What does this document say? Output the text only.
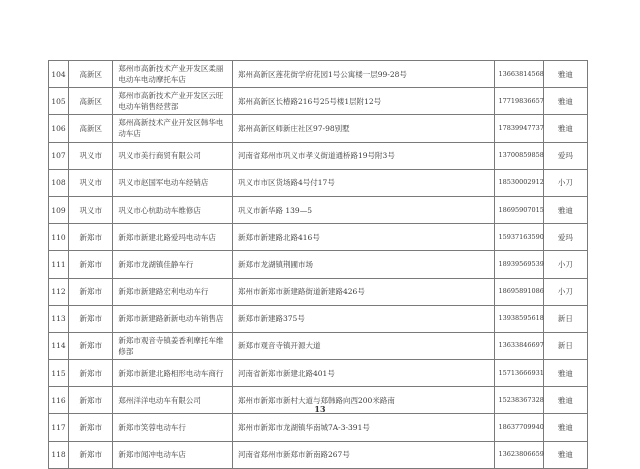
104	高新区	郑州市高新技术产业开发区柔丽电动车电动摩托车店	郑州高新区莲花街学府花园1号公寓楼一层99-28号	13663814568	雅迪
105	高新区	郑州市高新技术产业开发区云旺电动车销售经营部	郑州高新区长椿路216号25号楼1层附12号	17719836657	雅迪
106	高新区	郑州高新技术产业开发区韩华电动车店	郑州高新区师新庄社区97-98别墅	17839947737	雅迪
107	巩义市	巩义市美行商贸有限公司	河南省郑州市巩义市孝义街道通桥路19号附3号	13700859858	爱玛
108	巩义市	巩义市赵国军电动车经销店	巩义市市区货场路4号付17号	18530002912	小刀
109	巩义市	巩义市心杭助动车维修店	巩义市新华路 139—5	18695907015	雅迪
110	新郑市	新郑市新建北路爱玛电动车店	新郑市新建路北路416号	15937163590	爱玛
111	新郑市	新郑市龙湖镇佳静车行	新郑市龙湖镇荆圃市场	18939569539	小刀
112	新郑市	新郑市新建路宏利电动车行	郑州市新郑市新建路街道新建路426号	18695891086	小刀
113	新郑市	新郑市新建路新新电动车销售店	新郑市新建路375号	13938595618	新日
114	新郑市	新郑市观音寺镇姜香利摩托车维修部	新郑市观音寺镇开源大道	13633846697	新日
115	新郑市	新郑市新建北路相形电动车商行	河南省新郑市新建北路401号	15713666931	雅迪
116	新郑市	郑州洋洋电动车有限公司	郑州市新郑市新村大道与郑韩路向西200米路南	15238367328	雅迪
117	新郑市	新郑市笑蓉电动车行	郑州市新郑市龙湖镇华南城7A-3-391号	18637709940	雅迪
118	新郑市	新郑市闻冲电动车店	河南省郑州市新郑市新南路267号	13623806659	雅迪
13
